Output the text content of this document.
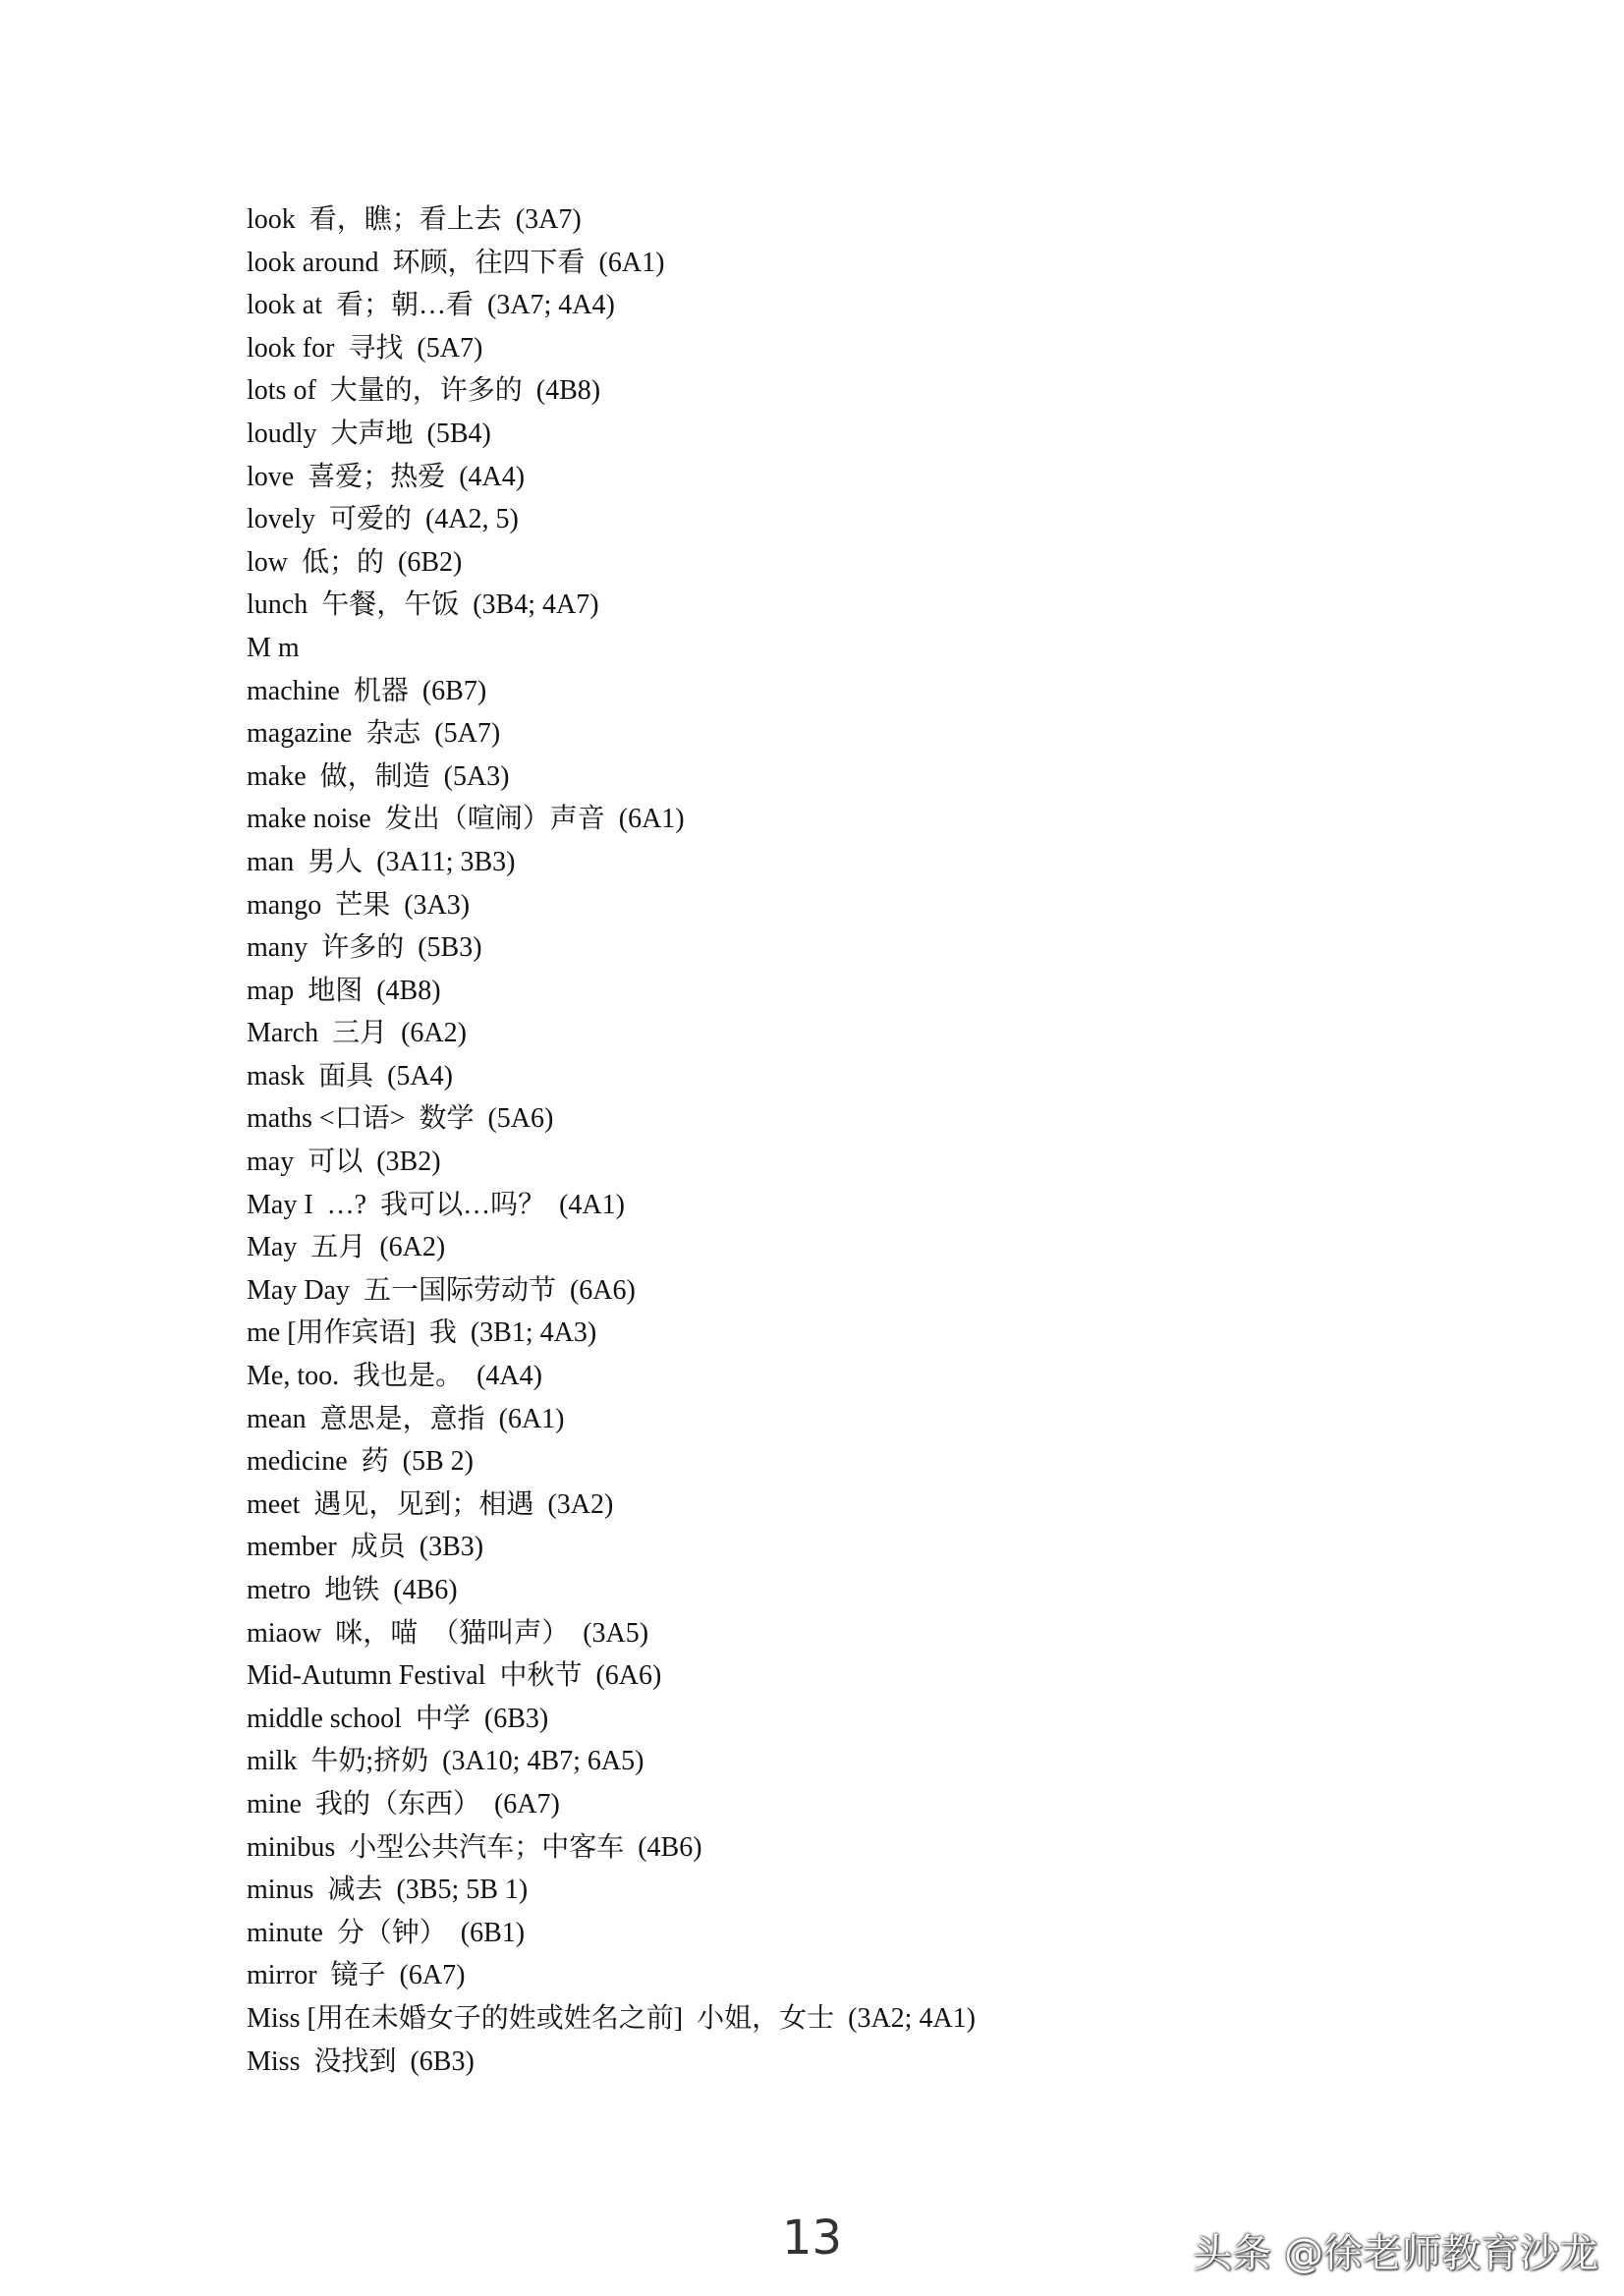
look  看，瞧；看上去  (3A7)
look around  环顾，往四下看  (6A1)
look at  看；朝…看  (3A7; 4A4)
look for  寻找  (5A7)
lots of  大量的，许多的  (4B8)
loudly  大声地  (5B4)
love  喜爱；热爱  (4A4)
lovely  可爱的  (4A2, 5)
low  低；的  (6B2)
lunch  午餐，午饭  (3B4; 4A7)
M m
machine  机器  (6B7)
magazine  杂志  (5A7)
make  做，制造  (5A3)
make noise  发出（喧闹）声音  (6A1)
man  男人  (3A11; 3B3)
mango  芒果  (3A3)
many  许多的  (5B3)
map  地图  (4B8)
March  三月  (6A2)
mask  面具  (5A4)
maths <口语>  数学  (5A6)
may  可以  (3B2)
May I  …?  我可以…吗？  (4A1)
May  五月  (6A2)
May Day  五一国际劳动节  (6A6)
me [用作宾语]  我  (3B1; 4A3)
Me, too.  我也是。  (4A4)
mean  意思是，意指  (6A1)
medicine  药  (5B 2)
meet  遇见，见到；相遇  (3A2)
member  成员  (3B3)
metro  地铁  (4B6)
miaow  咪，喵  （猫叫声）  (3A5)
Mid-Autumn Festival  中秋节  (6A6)
middle school  中学  (6B3)
milk  牛奶;挤奶  (3A10; 4B7; 6A5)
mine  我的（东西）  (6A7)
minibus  小型公共汽车；中客车  (4B6)
minus  减去  (3B5; 5B 1)
minute  分（钟）  (6B1)
mirror  镜子  (6A7)
Miss [用在未婚女子的姓或姓名之前]  小姐，女士  (3A2; 4A1)
Miss  没找到  (6B3)
13	头条 @徐老师教育沙龙
